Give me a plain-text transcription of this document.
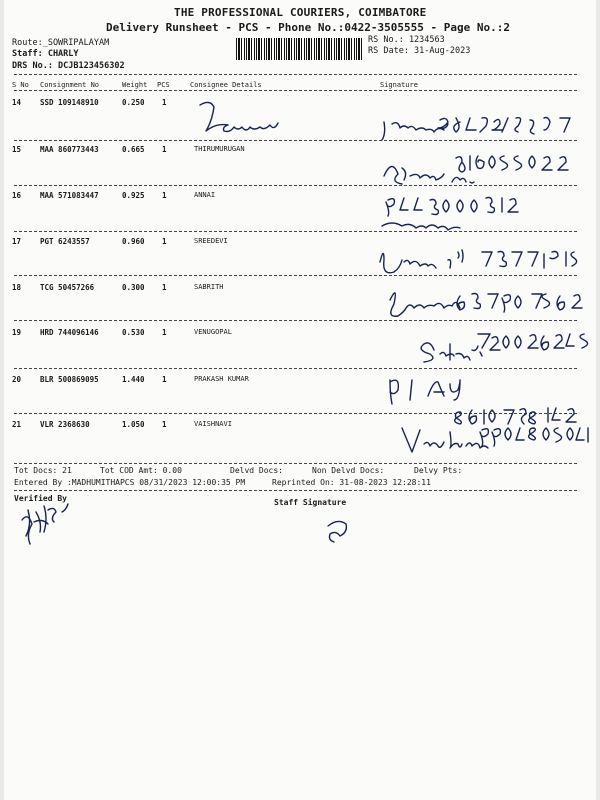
THE PROFESSIONAL COURIERS, COIMBATORE
Delivery Runsheet - PCS - Phone No.:0422-3505555 - Page No.:2
Route:_SOWRIPALAYAM
Staff: CHARLY
DRS No.: DCJB123456302
RS No.: 1234563
RS Date: 31-Aug-2023
S No Consignment No	Weight PCS	Consignee Details	Signature
14	SSD 109148910	0.250 1
15	MAA 860773443	0.665 1	THIRUMURUGAN
16	MAA 571083447	0.925 1	ANNAI
17	PGT 6243557	0.960 1	SREEDEVI
18	TCG 50457266	0.300 1	SABRITH
19	HRD 744096146	0.530 1	VENUGOPAL
20	BLR 500869095	1.440 1	PRAKASH KUMAR
21	VLR 2368630	1.050 1	VAISHNAVI
Tot Docs: 21	Tot COD Amt: 0.00	Delvd Docs:	Non Delvd Docs:	Delvy Pts:
Entered By :MADHUMITHAPCS 08/31/2023 12:00:35 PM	Reprinted On: 31-08-2023 12:28:11
Verified By	Staff Signature
